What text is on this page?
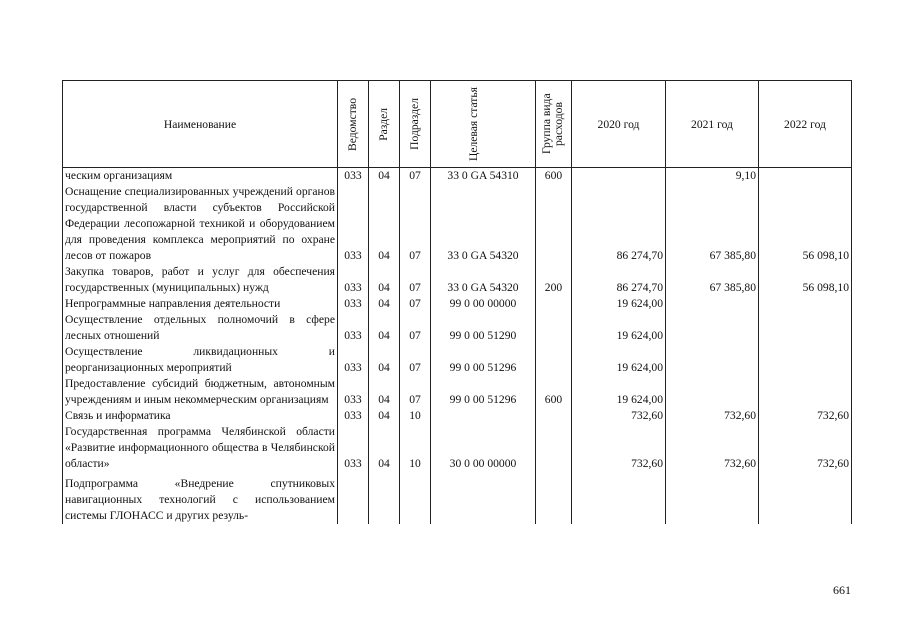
Наименование	Ведомство	Раздел	Подраздел	Целевая статья	Группа вида расходов	2020 год	2021 год	2022 год
ческим организациям	033	04	07	33 0 GA 54310	600		9,10	
Оснащение специализированных учреждений органов государственной власти субъектов Российской Федерации лесопожарной техникой и оборудованием для проведения комплекса мероприятий по охране лесов от пожаров	033	04	07	33 0 GA 54320		86 274,70	67 385,80	56 098,10
Закупка товаров, работ и услуг для обеспечения государственных (муниципальных) нужд	033	04	07	33 0 GA 54320	200	86 274,70	67 385,80	56 098,10
Непрограммные направления деятельности	033	04	07	99 0 00 00000		19 624,00		
Осуществление отдельных полномочий в сфере лесных отношений	033	04	07	99 0 00 51290		19 624,00		
Осуществление ликвидационных и реорганизационных мероприятий	033	04	07	99 0 00 51296		19 624,00		
Предоставление субсидий бюджетным, автономным учреждениям и иным некоммерческим организациям	033	04	07	99 0 00 51296	600	19 624,00		
Связь и информатика	033	04	10			732,60	732,60	732,60
Государственная программа Челябинской области «Развитие информационного общества в Челябинской области»	033	04	10	30 0 00 00000		732,60	732,60	732,60
Подпрограмма «Внедрение спутниковых навигационных технологий с использованием системы ГЛОНАСС и других резуль-								
661
